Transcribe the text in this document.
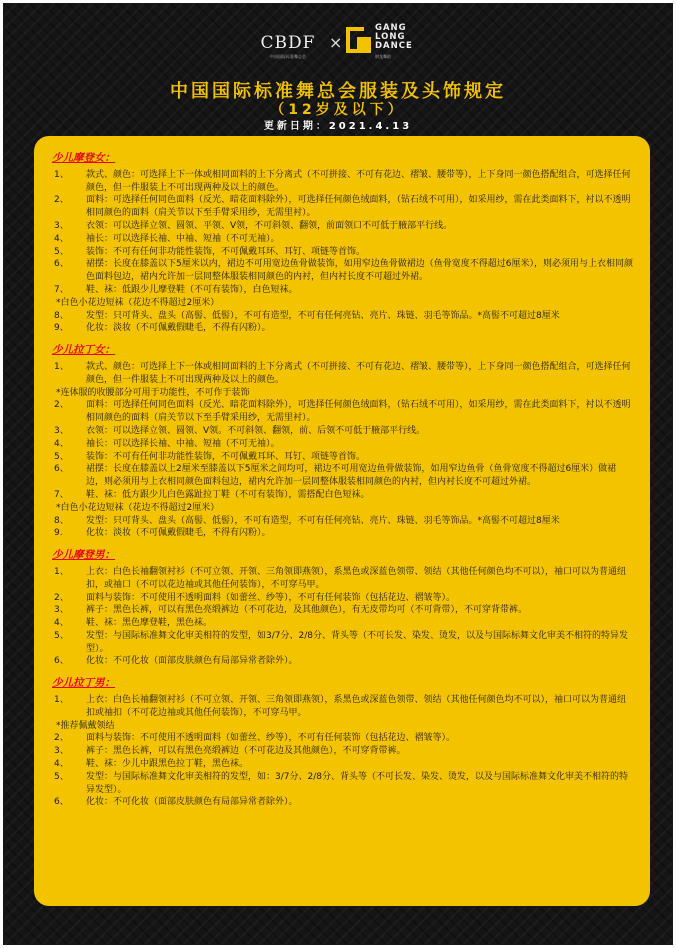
CBDF
中国国际标准舞总会
×
GANG
LONG
DANCE
钢龙舞蹈
中国国际标准舞总会服装及头饰规定
（12岁及以下）
更新日期：2021.4.13
少儿摩登女：
1、 款式、颜色：可选择上下一体或相同面料的上下分离式（不可拼接、不可有花边、褶皱、腰带等），上下身同一颜色搭配组合，可选择任何颜色，但一件服装上不可出现两种及以上的颜色。
2、 面料：可选择任何同色面料（反光、暗花面料除外），可选择任何颜色绒面料，（钻石绒不可用），如采用纱，需在此类面料下，衬以不透明相同颜色的面料（肩关节以下至手臂采用纱，无需里衬）。
3、 衣领：可以选择立领、圆领、平领、V领，不可斜领、翻领，前面领口不可低于腋部平行线。
4、 袖长：可以选择长袖、中袖、短袖（不可无袖）。
5、 装饰：不可有任何非功能性装饰，不可佩戴耳环、耳钉、项链等首饰。
6、 裙摆：长度在膝盖以下5厘米以内，裙边不可用宽边鱼骨做装饰，如用窄边鱼骨做裙边（鱼骨宽度不得超过6厘米），则必须用与上衣相同颜色面料包边，裙内允许加一层同整体服装相同颜色的内衬，但内衬长度不可超过外裙。
7、 鞋、袜：低跟少儿摩登鞋（不可有装饰），白色短袜。
*白色小花边短袜（花边不得超过2厘米）
8、 发型：只可背头、盘头（高髻、低髻），不可有造型，不可有任何亮钻、亮片、珠链、羽毛等饰品。*高髻不可超过8厘米
9、 化妆：淡妆（不可佩戴假睫毛，不得有闪粉）。
少儿拉丁女：
1、 款式、颜色：可选择上下一体或相同面料的上下分离式（不可拼接、不可有花边、褶皱、腰带等），上下身同一颜色搭配组合，可选择任何颜色，但一件服装上不可出现两种及以上的颜色。
*连体服的收腰部分可用于功能性，不可作于装饰
2、 面料：可选择任何同色面料（反光、暗花面料除外），可选择任何颜色绒面料，（钻石绒不可用），如采用纱，需在此类面料下，衬以不透明相同颜色的面料（肩关节以下至手臂采用纱，无需里衬）。
3、 衣领：可以选择立领、圆领、V领。不可斜领、翻领，前、后领不可低于腋部平行线。
4、 袖长：可以选择长袖、中袖、短袖（不可无袖）。
5、 装饰：不可有任何非功能性装饰，不可佩戴耳环、耳钉、项链等首饰。
6、 裙摆：长度在膝盖以上2厘米至膝盖以下5厘米之间均可，裙边不可用宽边鱼骨做装饰，如用窄边鱼骨（鱼骨宽度不得超过6厘米）做裙边，则必须用与上衣相同颜色面料包边，裙内允许加一层同整体服装相同颜色的内衬，但内衬长度不可超过外裙。
7、 鞋、袜：低方跟少儿白色露趾拉丁鞋（不可有装饰），需搭配白色短袜。
*白色小花边短袜（花边不得超过2厘米）
8、 发型：只可背头、盘头（高髻、低髻），不可有造型，不可有任何亮钻、亮片、珠链、羽毛等饰品。*高髻不可超过8厘米
9.	化妆：淡妆（不可佩戴假睫毛，不得有闪粉）。
少儿摩登男：
1、 上衣：白色长袖翻领衬衫（不可立领、开领、三角领即燕领），系黑色或深蓝色领带、领结（其他任何颜色均不可以），袖口可以为普通纽扣，或袖口（不可以花边袖或其他任何装饰），不可穿马甲。
2、 面料与装饰：不可使用不透明面料（如蕾丝、纱等），不可有任何装饰（包括花边、褶皱等）。
3、 裤子：黑色长裤，可以有黑色亮缎裤边（不可花边，及其他颜色），有无皮带均可（不可背带），不可穿背带裤。
4、 鞋、袜：黑色摩登鞋，黑色袜。
5、 发型：与国际标准舞文化审美相符的发型，如3/7分、2/8分、背头等（不可长发、染发、烫发，以及与国际标舞文化审美不相符的特异发型）。
6、 化妆：不可化妆（面部皮肤颜色有局部异常者除外）。
少儿拉丁男：
1、 上衣：白色长袖翻领衬衫（不可立领、开领、三角领即燕领），系黑色或深蓝色领带、领结（其他任何颜色均不可以），袖口可以为普通纽扣或袖扣（不可花边袖或其他任何装饰），不可穿马甲。
*推荐佩戴领结
2、 面料与装饰：不可使用不透明面料（如蕾丝、纱等），不可有任何装饰（包括花边、褶皱等）。
3、 裤子：黑色长裤，可以有黑色亮缎裤边（不可花边及其他颜色），不可穿背带裤。
4、 鞋、袜：少儿中跟黑色拉丁鞋，黑色袜。
5、 发型：与国际标准舞文化审美相符的发型，如：3/7分、2/8分、背头等（不可长发、染发、烫发，以及与国际标准舞文化审美不相符的特异发型）。
6、 化妆：不可化妆（面部皮肤颜色有局部异常者除外）。
